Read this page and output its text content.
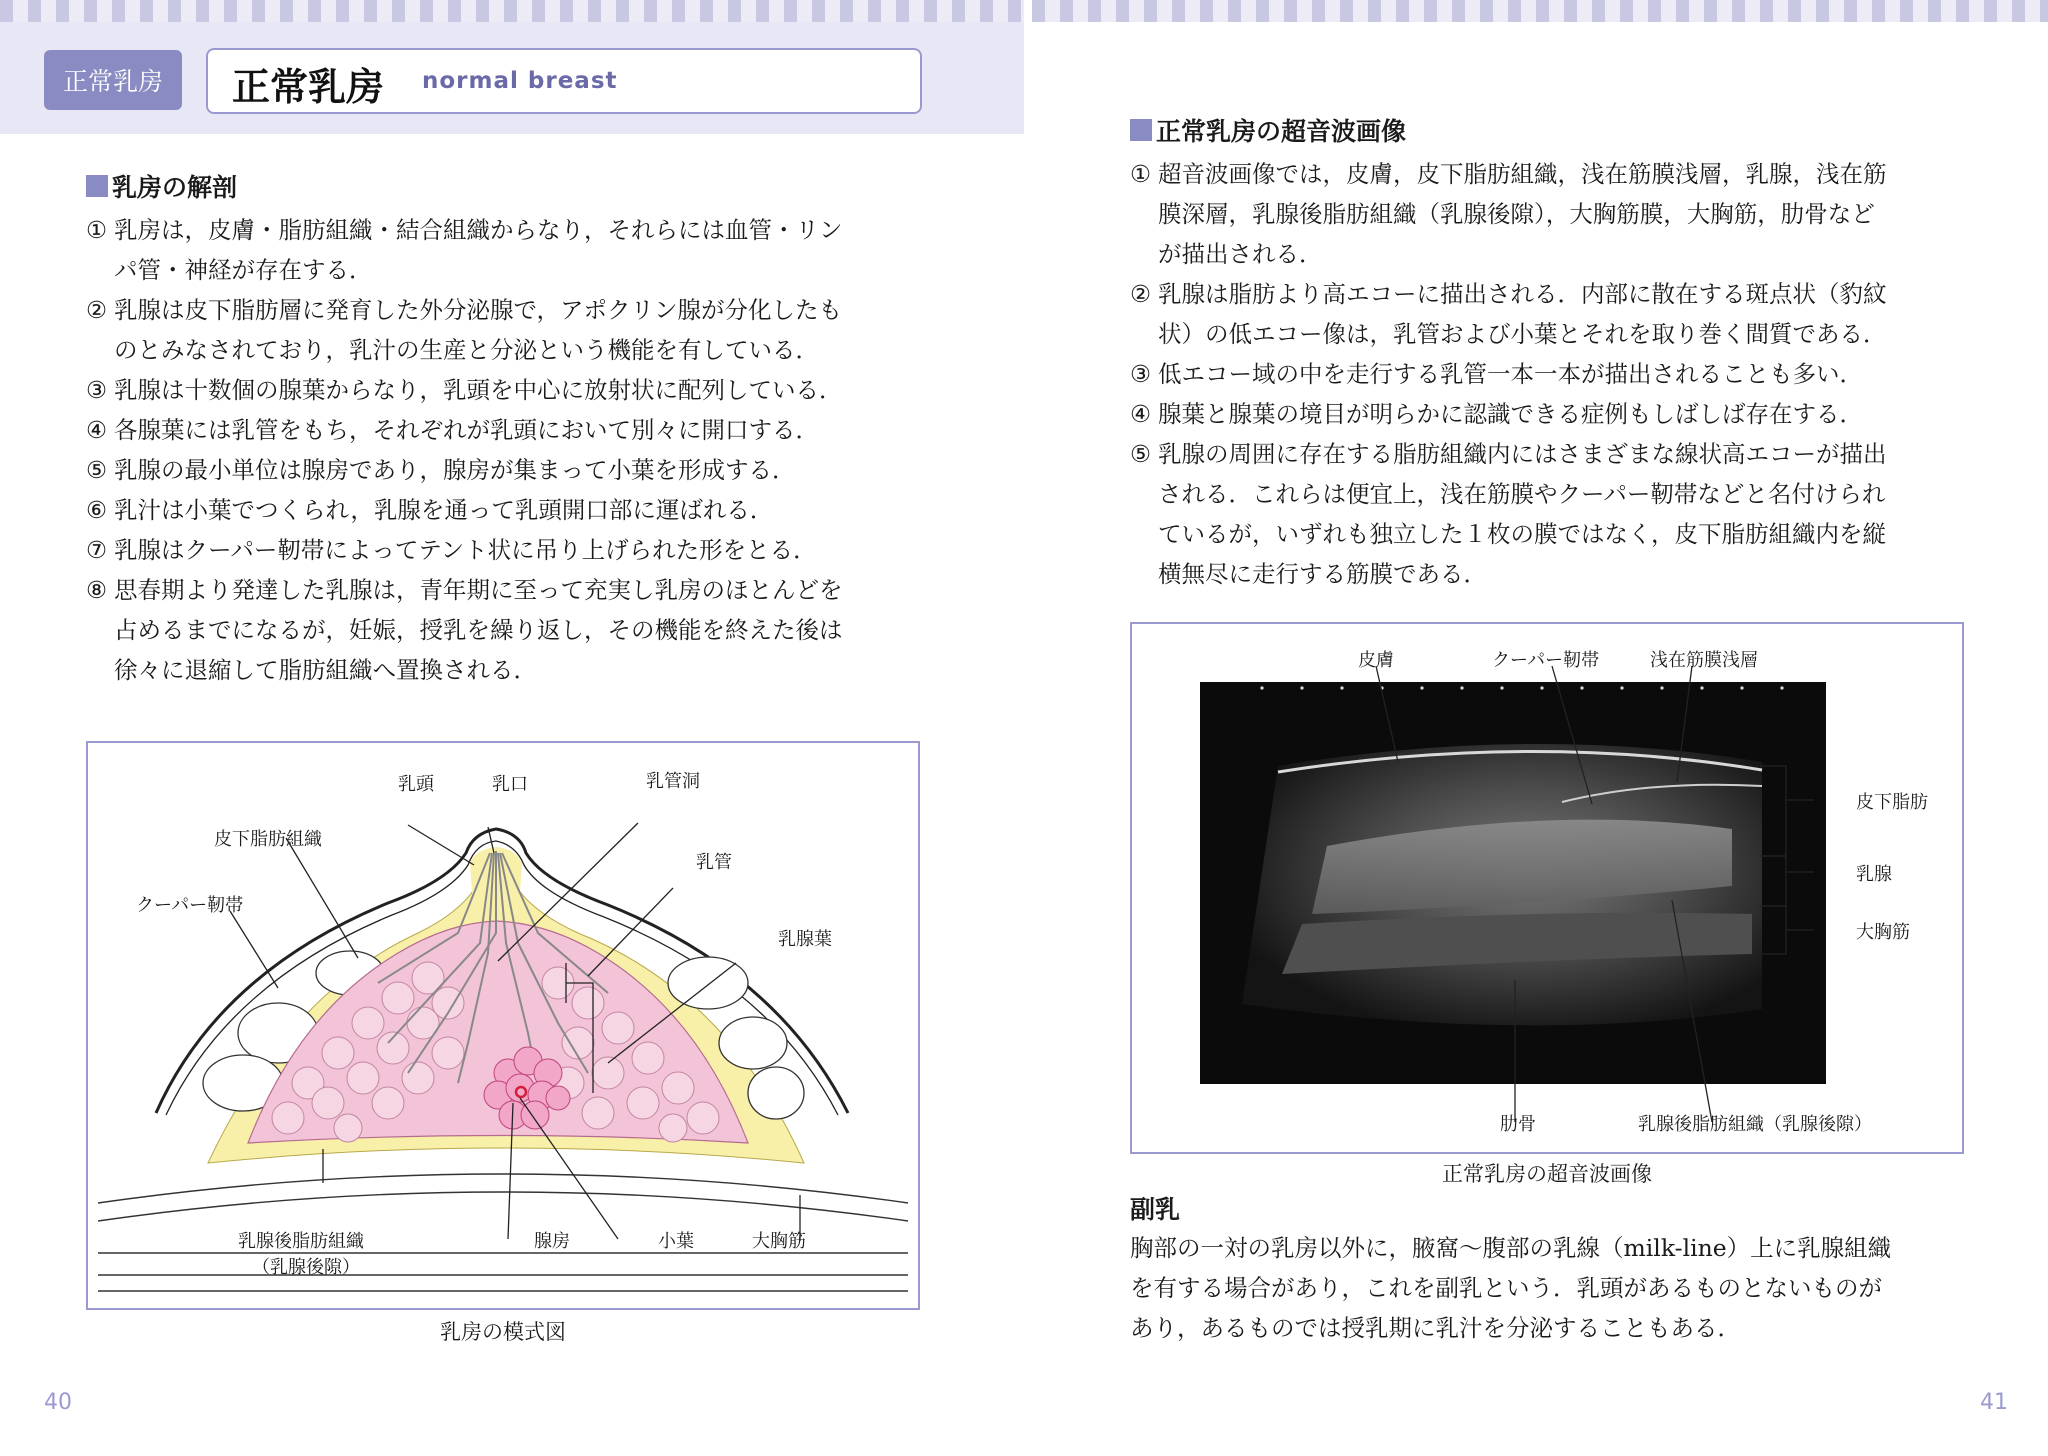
正常乳房	正常乳房 normal breast
乳房の解剖
① 乳房は，皮膚・脂肪組織・結合組織からなり，それらには血管・リン
パ管・神経が存在する．
② 乳腺は皮下脂肪層に発育した外分泌腺で，アポクリン腺が分化したも
のとみなされており，乳汁の生産と分泌という機能を有している．
③ 乳腺は十数個の腺葉からなり，乳頭を中心に放射状に配列している．
④ 各腺葉には乳管をもち，それぞれが乳頭において別々に開口する．
⑤ 乳腺の最小単位は腺房であり，腺房が集まって小葉を形成する．
⑥ 乳汁は小葉でつくられ，乳腺を通って乳頭開口部に運ばれる．
⑦ 乳腺はクーパー靭帯によってテント状に吊り上げられた形をとる．
⑧ 思春期より発達した乳腺は，青年期に至って充実し乳房のほとんどを
占めるまでになるが，妊娠，授乳を繰り返し，その機能を終えた後は
徐々に退縮して脂肪組織へ置換される．
乳頭	乳口	乳管洞
皮下脂肪組織
乳管
クーパー靭帯
乳腺葉
乳腺後脂肪組織
（乳腺後隙）
腺房	小葉	大胸筋
乳房の模式図
40
正常乳房の超音波画像
① 超音波画像では，皮膚，皮下脂肪組織，浅在筋膜浅層，乳腺，浅在筋
膜深層，乳腺後脂肪組織（乳腺後隙），大胸筋膜，大胸筋，肋骨など
が描出される．
② 乳腺は脂肪より高エコーに描出される．内部に散在する斑点状（豹紋
状）の低エコー像は，乳管および小葉とそれを取り巻く間質である．
③ 低エコー域の中を走行する乳管一本一本が描出されることも多い．
④ 腺葉と腺葉の境目が明らかに認識できる症例もしばしば存在する．
⑤ 乳腺の周囲に存在する脂肪組織内にはさまざまな線状高エコーが描出
される．これらは便宜上，浅在筋膜やクーパー靭帯などと名付けられ
ているが，いずれも独立した１枚の膜ではなく，皮下脂肪組織内を縦
横無尽に走行する筋膜である．
皮膚	クーパー靭帯	浅在筋膜浅層
皮下脂肪
乳腺
大胸筋
肋骨	乳腺後脂肪組織（乳腺後隙）
正常乳房の超音波画像
副乳
胸部の一対の乳房以外に，腋窩〜腹部の乳線（milk-line）上に乳腺組織
を有する場合があり，これを副乳という．乳頭があるものとないものが
あり，あるものでは授乳期に乳汁を分泌することもある．
41
